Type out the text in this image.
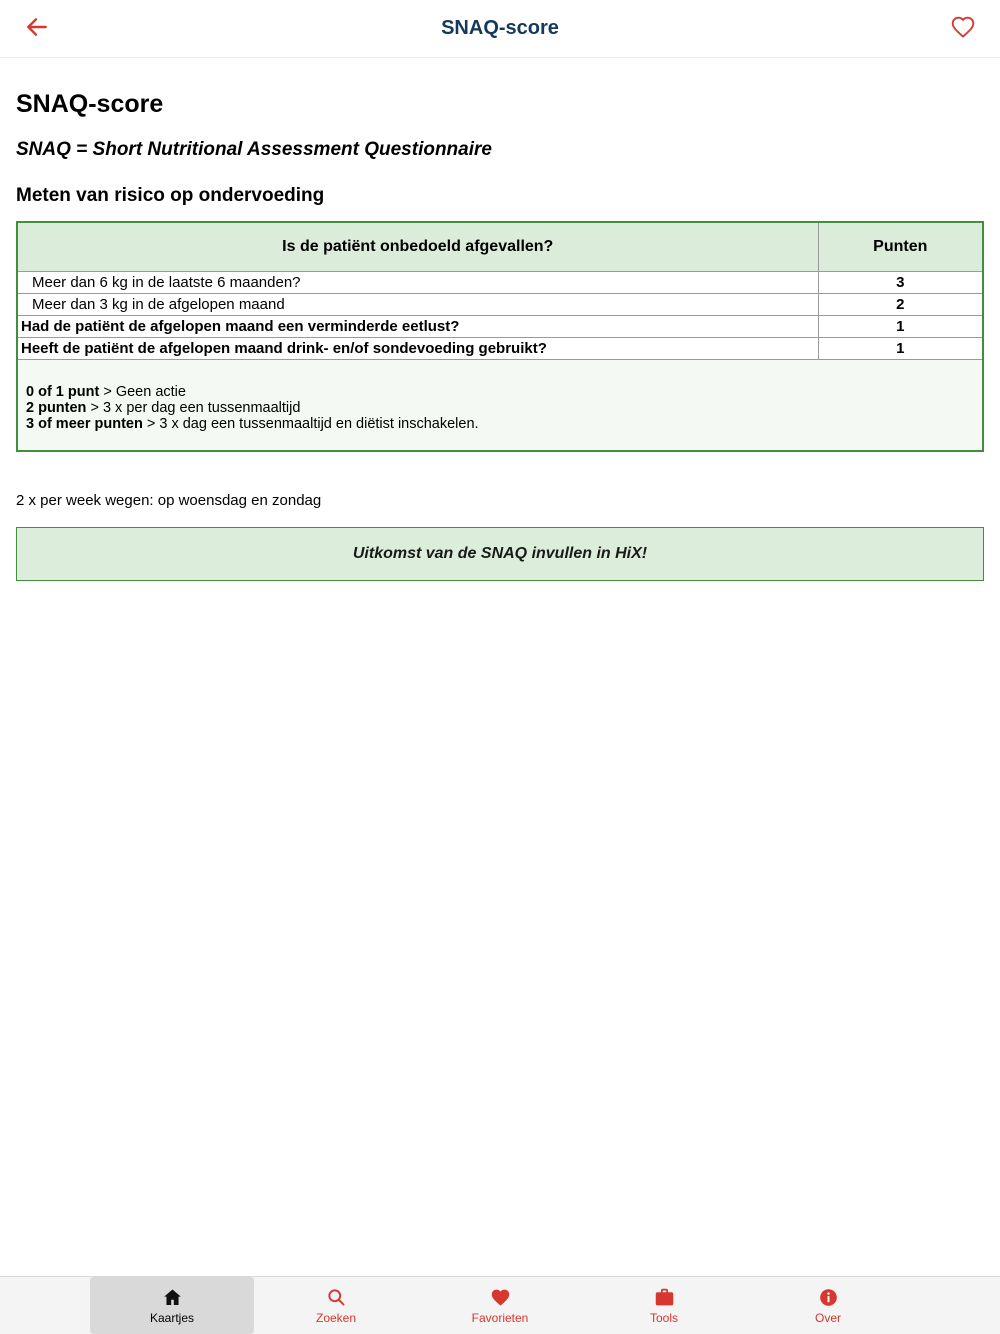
SNAQ-score
SNAQ-score
SNAQ = Short Nutritional Assessment Questionnaire
Meten van risico op ondervoeding
Is de patiënt onbedoeld afgevallen?	Punten
Meer dan 6 kg in de laatste 6 maanden?	3
Meer dan 3 kg in de afgelopen maand	2
Had de patiënt de afgelopen maand een verminderde eetlust?	1
Heeft de patiënt de afgelopen maand drink- en/of sondevoeding gebruikt?	1

0 of 1 punt > Geen actie

2 punten > 3 x per dag een tussenmaaltijd

3 of meer punten > 3 x dag een tussenmaaltijd en diëtist inschakelen.	

2 x per week wegen: op woensdag en zondag
Uitkomst van de SNAQ invullen in HiX!
Kaartjes	Zoeken	Favorieten	Tools	Over
